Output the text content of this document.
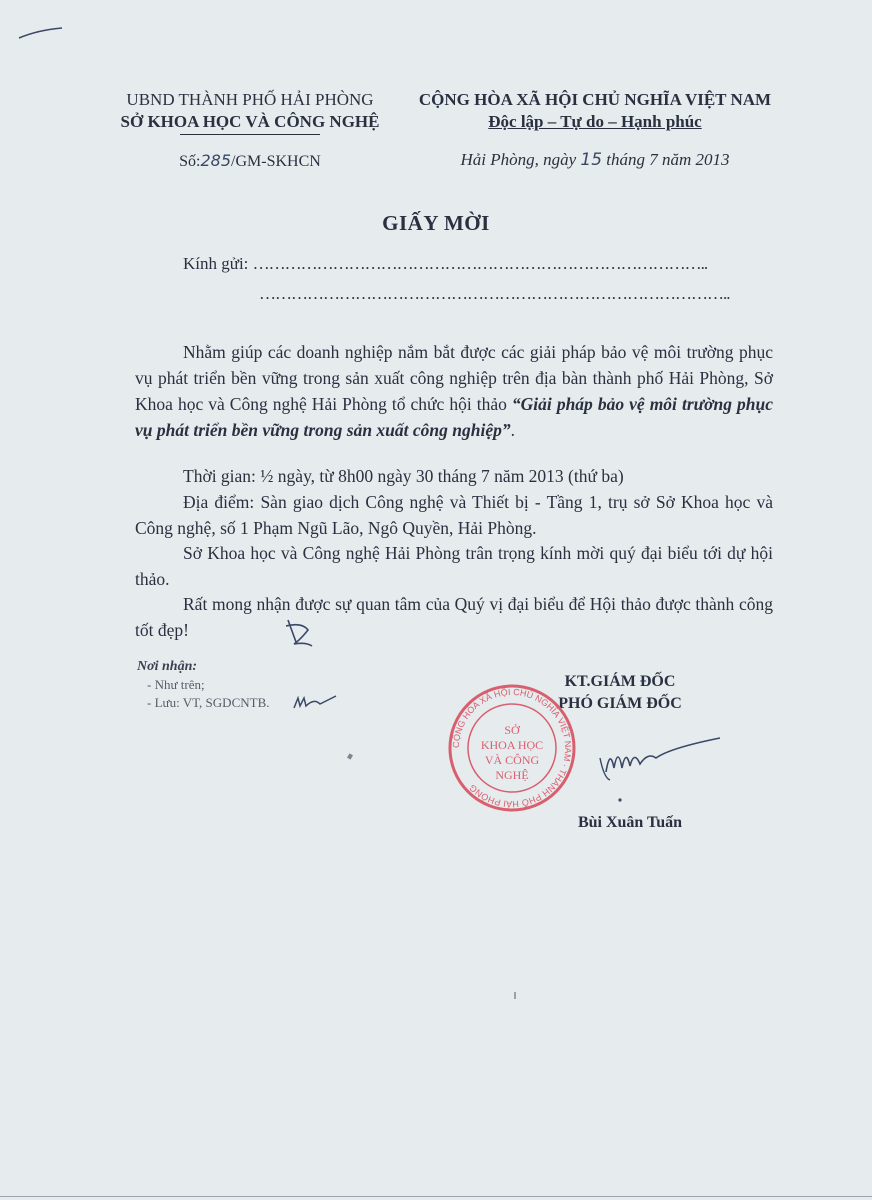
UBND THÀNH PHỐ HẢI PHÒNG
SỞ KHOA HỌC VÀ CÔNG NGHỆ
Số:285/GM-SKHCN
CỘNG HÒA XÃ HỘI CHỦ NGHĨA VIỆT NAM
Độc lập – Tự do – Hạnh phúc
Hải Phòng, ngày 15 tháng 7 năm 2013
GIẤY MỜI
Kính gửi: …………………………………………………………………………..
……………………………………………………………………………..
Nhằm giúp các doanh nghiệp nắm bắt được các giải pháp bảo vệ môi trường phục vụ phát triển bền vững trong sản xuất công nghiệp trên địa bàn thành phố Hải Phòng, Sở Khoa học và Công nghệ Hải Phòng tổ chức hội thảo “Giải pháp bảo vệ môi trường phục vụ phát triển bền vững trong sản xuất công nghiệp”.
Thời gian: ½ ngày, từ 8h00 ngày 30 tháng 7 năm 2013 (thứ ba)
Địa điểm: Sàn giao dịch Công nghệ và Thiết bị - Tầng 1, trụ sở Sở Khoa học và Công nghệ, số 1 Phạm Ngũ Lão, Ngô Quyền, Hải Phòng.
Sở Khoa học và Công nghệ Hải Phòng trân trọng kính mời quý đại biểu tới dự hội thảo.
Rất mong nhận được sự quan tâm của Quý vị đại biểu để Hội thảo được thành công tốt đẹp!
Nơi nhận:
- Như trên;
- Lưu: VT, SGDCNTB.
KT.GIÁM ĐỐC
PHÓ GIÁM ĐỐC
CỘNG HÒA XÃ HỘI CHỦ NGHĨA VIỆT NAM · THÀNH PHỐ HẢI PHÒNG
SỞ
KHOA HỌC
VÀ CÔNG NGHỆ
Bùi Xuân Tuấn
